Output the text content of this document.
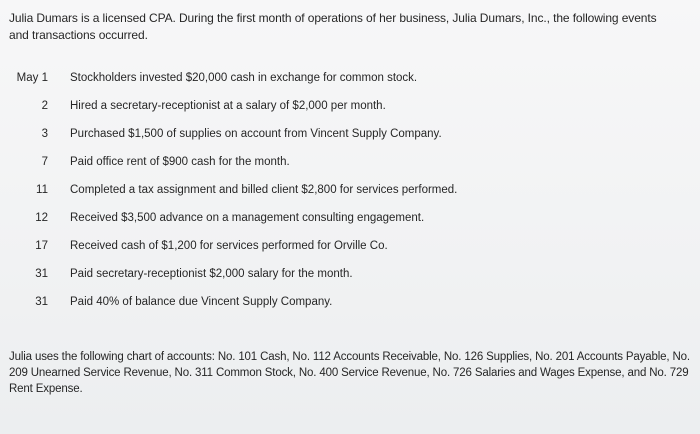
Julia Dumars is a licensed CPA. During the first month of operations of her business, Julia Dumars, Inc., the following events and transactions occurred.
May 1 Stockholders invested $20,000 cash in exchange for common stock.
2 Hired a secretary-receptionist at a salary of $2,000 per month.
3 Purchased $1,500 of supplies on account from Vincent Supply Company.
7 Paid office rent of $900 cash for the month.
11 Completed a tax assignment and billed client $2,800 for services performed.
12 Received $3,500 advance on a management consulting engagement.
17 Received cash of $1,200 for services performed for Orville Co.
31 Paid secretary-receptionist $2,000 salary for the month.
31 Paid 40% of balance due Vincent Supply Company.
Julia uses the following chart of accounts: No. 101 Cash, No. 112 Accounts Receivable, No. 126 Supplies, No. 201 Accounts Payable, No. 209 Unearned Service Revenue, No. 311 Common Stock, No. 400 Service Revenue, No. 726 Salaries and Wages Expense, and No. 729 Rent Expense.
